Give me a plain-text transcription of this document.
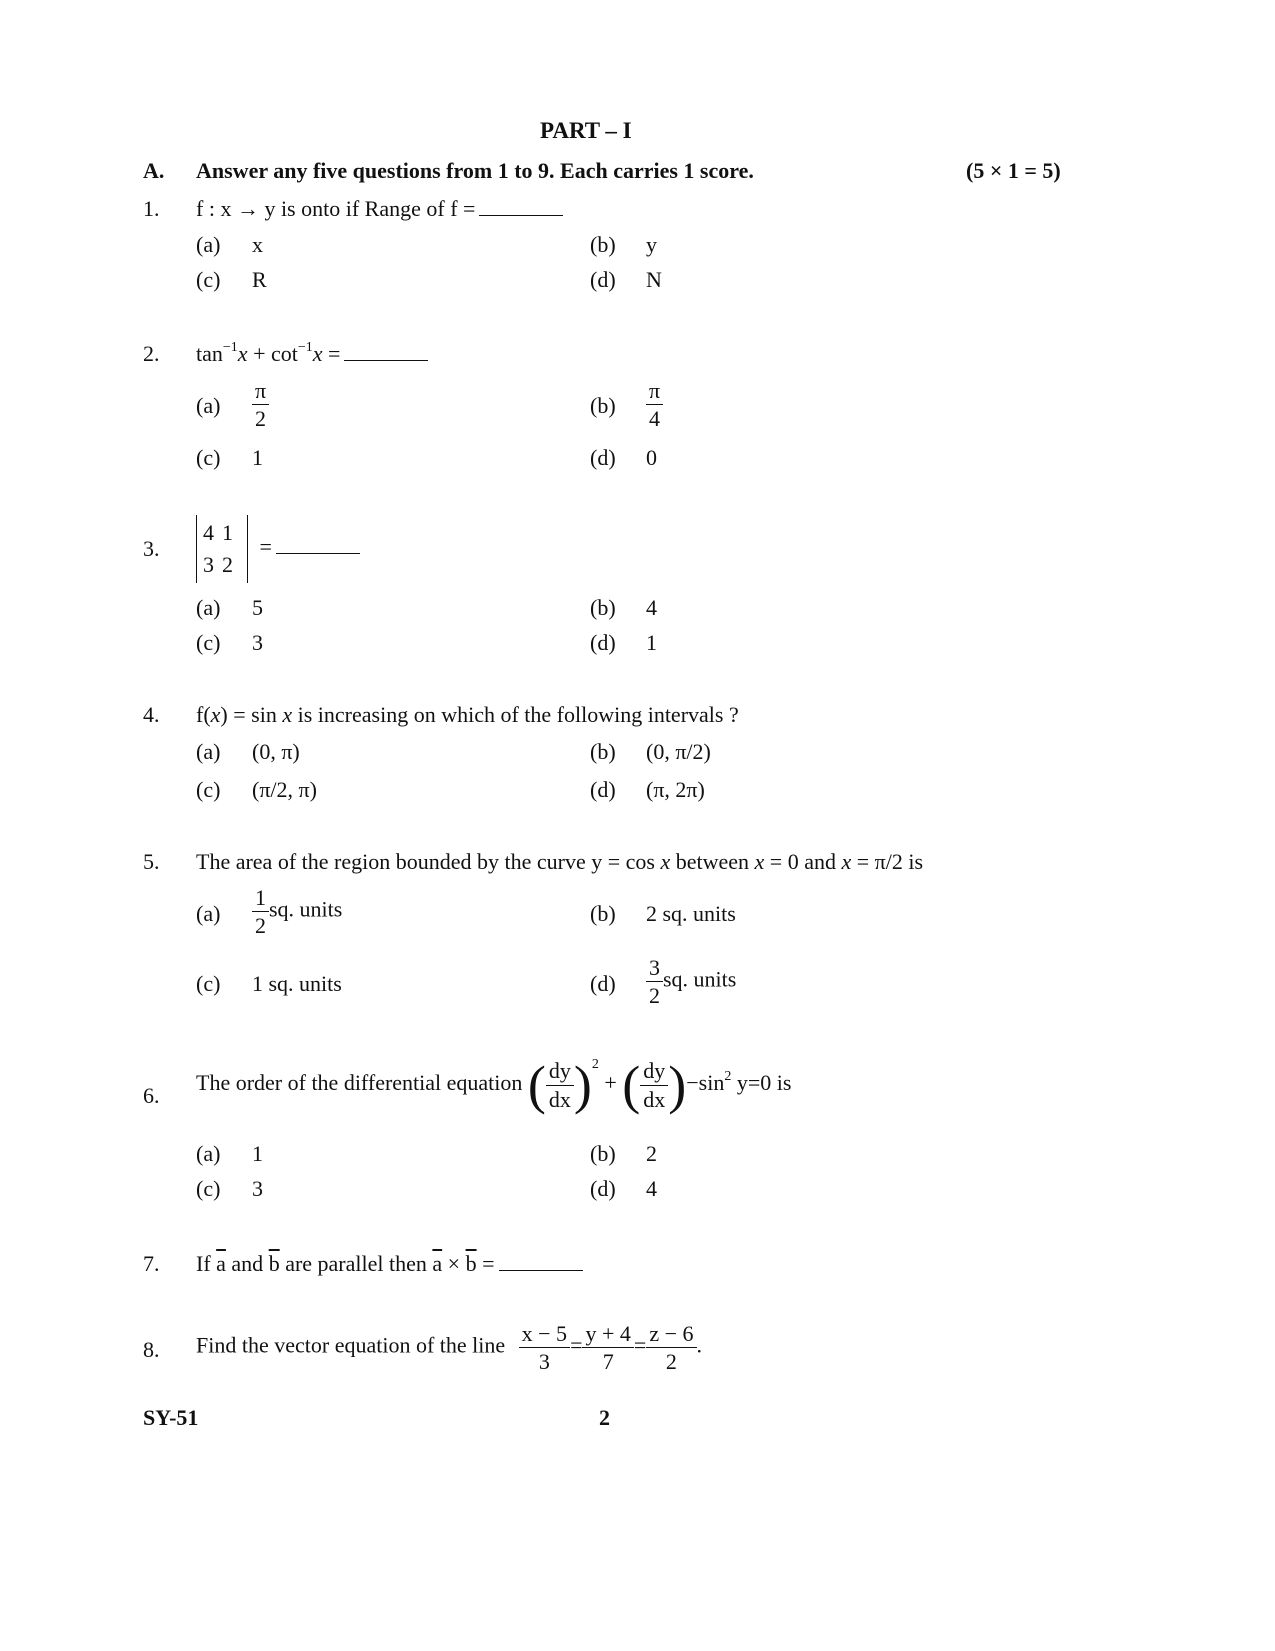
PART – I
A. Answer any five questions from 1 to 9. Each carries 1 score.	(5 × 1 = 5)
1. f : x → y is onto if Range of f =
(a) x	(b) y
(c) R	(d) N
2. $\tan^{-1}x + \cot^{-1}x$ =
$(a) \frac{\pi}{2}$	$(b) \frac{\pi}{4}$
(c) 1	(d) 0
3.
4 1
3 2
=
(a) 5	(b) 4
(c) 3	(d) 1
4. f(x) = sin x is increasing on which of the following intervals ?
(a) (0, π)	(b) (0, π/2)
(c) (π/2, π)	(d) (π, 2π)
5. The area of the region bounded by the curve y = cos x between x = 0 and x = π/2 is
$(a) \frac{1}{2}$ sq. units	(b) 2 sq. units
(c) 1 sq. units	$(d) \frac{3}{2}$ sq. units
6.
The order of the differential equation ( $\frac{dy}{dx} )^2$ + ( $\frac{dy}{dx} )-\sin^2$ y=0 is
(a) 1	(b) 2
(c) 3	(d) 4
7. If $\overline{a}$ and $\overline{b}$ are parallel then $\overline{a} \times \overline{b}$ =
8. Find the vector equation of the line $\frac{x - 5}{3} = \frac{y + 4}{7} = \frac{z - 6}{2}$ .
SY-51	2
